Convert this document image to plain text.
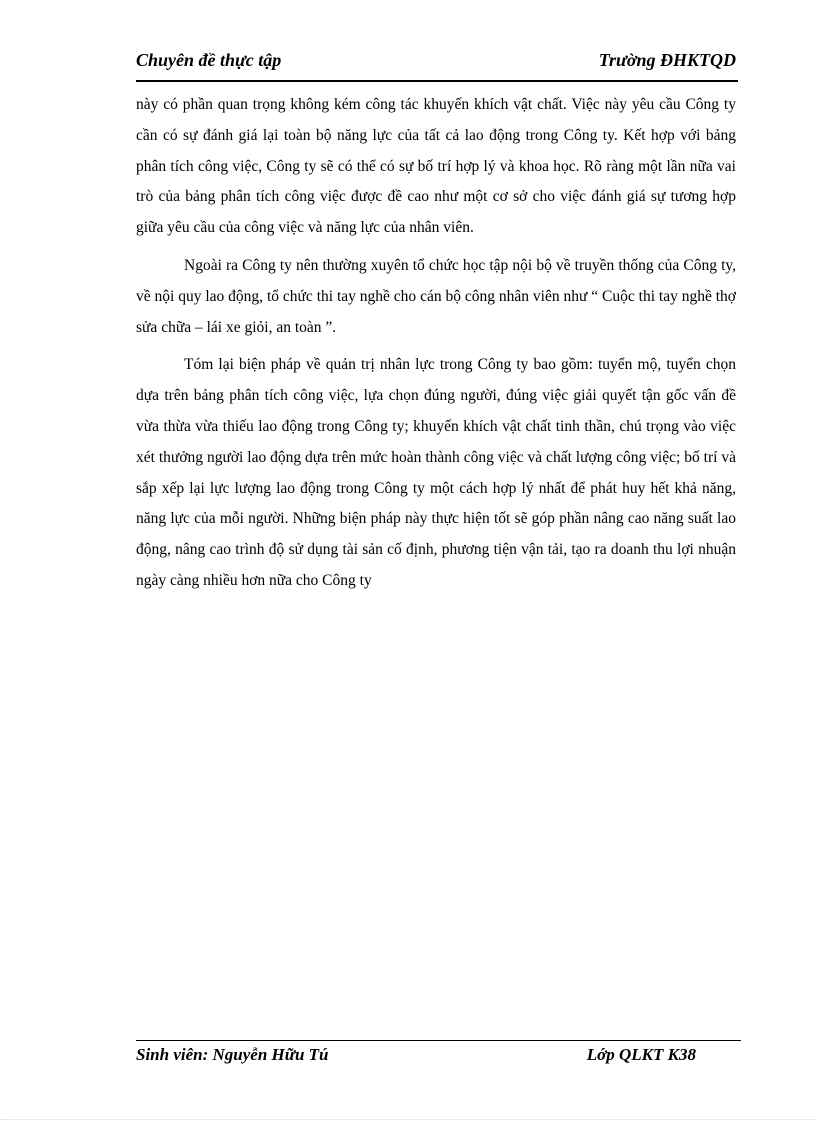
Chuyên đề thực tập	Trường ĐHKTQD

này có phần quan trọng không kém công tác khuyến khích vật chất. Việc này yêu cầu Công ty cần có sự đánh giá lại toàn bộ năng lực của tất cả lao động trong Công ty. Kết hợp với bảng phân tích công việc, Công ty sẽ có thể có sự bố trí hợp lý và khoa học. Rõ ràng một lần nữa vai trò của bảng phân tích công việc được đề cao như một cơ sở cho việc đánh giá sự tương hợp giữa yêu cầu của công việc và năng lực của nhân viên.

Ngoài ra Công ty nên thường xuyên tổ chức học tập nội bộ về truyền thống của Công ty, về nội quy lao động, tổ chức thi tay nghề cho cán bộ công nhân viên như “ Cuộc thi tay nghề thợ sửa chữa – lái xe giỏi, an toàn ”.

Tóm lại biện pháp về quản trị nhân lực trong Công ty bao gồm: tuyển mộ, tuyển chọn dựa trên bảng phân tích công việc, lựa chọn đúng người, đúng việc giải quyết tận gốc vấn đề vừa thừa vừa thiếu lao động trong Công ty; khuyến khích vật chất tinh thần, chú trọng vào việc xét thưởng người lao động dựa trên mức hoàn thành công việc và chất lượng công việc; bố trí và sắp xếp lại lực lượng lao động trong Công ty một cách hợp lý nhất để phát huy hết khả năng, năng lực của mỗi người. Những biện pháp này thực hiện tốt sẽ góp phần nâng cao năng suất lao động, nâng cao trình độ sử dụng tài sản cố định, phương tiện vận tải, tạo ra doanh thu lợi nhuận ngày càng nhiều hơn nữa cho Công ty

Sinh viên: Nguyễn Hữu Tú	Lớp QLKT K38
